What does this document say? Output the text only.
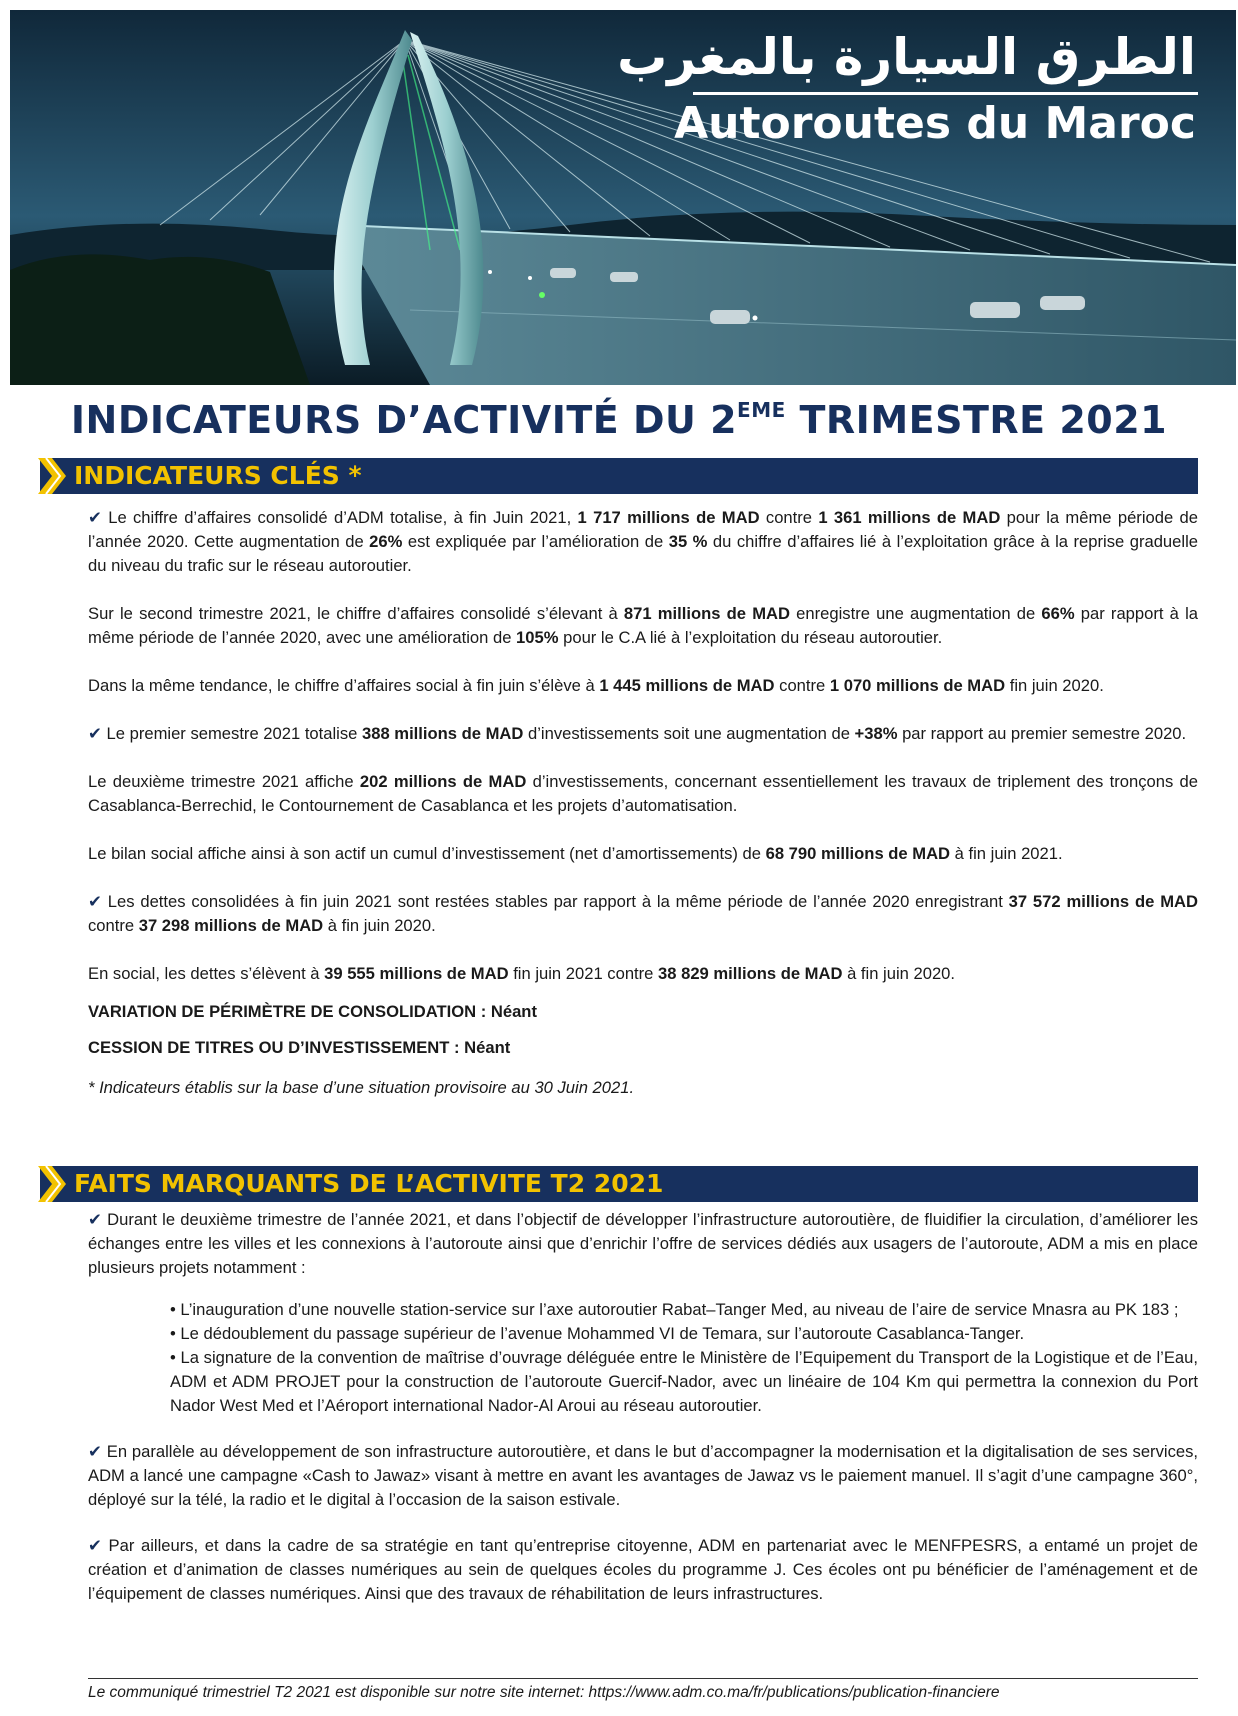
الطرق السيارة بالمغرب
Autoroutes du Maroc
INDICATEURS D’ACTIVITÉ DU 2EME TRIMESTRE 2021
INDICATEURS CLÉS *

✔ Le chiffre d’affaires consolidé d’ADM totalise, à fin Juin 2021, 1 717 millions de MAD contre 1 361 millions de MAD pour la même période de l’année 2020. Cette augmentation de 26% est expliquée par l’amélioration de 35 % du chiffre d’affaires lié à l’exploitation grâce à la reprise graduelle du niveau du trafic sur le réseau autoroutier.

Sur le second trimestre 2021, le chiffre d’affaires consolidé s’élevant à 871 millions de MAD enregistre une augmentation de 66% par rapport à la même période de l’année 2020, avec une amélioration de 105% pour le C.A lié à l’exploitation du réseau autoroutier.

Dans la même tendance, le chiffre d’affaires social à fin juin s’élève à 1 445 millions de MAD contre 1 070 millions de MAD fin juin 2020.

✔ Le premier semestre 2021 totalise 388 millions de MAD d’investissements soit une augmentation de +38% par rapport au premier semestre 2020.

Le deuxième trimestre 2021 affiche 202 millions de MAD d’investissements, concernant essentiellement les travaux de triplement des tronçons de Casablanca-Berrechid, le Contournement de Casablanca et les projets d’automatisation.

Le bilan social affiche ainsi à son actif un cumul d’investissement (net d’amortissements) de 68 790 millions de MAD à fin juin 2021.

✔ Les dettes consolidées à fin juin 2021 sont restées stables par rapport à la même période de l’année 2020 enregistrant 37 572 millions de MAD contre 37 298 millions de MAD à fin juin 2020.

En social, les dettes s’élèvent à 39 555 millions de MAD fin juin 2021 contre 38 829 millions de MAD à fin juin 2020.

VARIATION DE PÉRIMÈTRE DE CONSOLIDATION : Néant

CESSION DE TITRES OU D’INVESTISSEMENT : Néant

* Indicateurs établis sur la base d’une situation provisoire au 30 Juin 2021.

FAITS MARQUANTS DE L’ACTIVITE T2 2021

✔ Durant le deuxième trimestre de l’année 2021, et dans l’objectif de développer l’infrastructure autoroutière, de fluidifier la circulation, d’améliorer les échanges entre les villes et les connexions à l’autoroute ainsi que d’enrichir l’offre de services dédiés aux usagers de l’autoroute, ADM a mis en place plusieurs projets notamment :

• L’inauguration d’une nouvelle station-service sur l’axe autoroutier Rabat–Tanger Med, au niveau de l’aire de service Mnasra au PK 183 ;

• Le dédoublement du passage supérieur de l’avenue Mohammed VI de Temara, sur l’autoroute Casablanca-Tanger.

• La signature de la convention de maîtrise d’ouvrage déléguée entre le Ministère de l’Equipement du Transport de la Logistique et de l’Eau, ADM et ADM PROJET pour la construction de l’autoroute Guercif-Nador, avec un linéaire de 104 Km qui permettra la connexion du Port Nador West Med et l’Aéroport international Nador-Al Aroui au réseau autoroutier.

✔ En parallèle au développement de son infrastructure autoroutière, et dans le but d’accompagner la modernisation et la digitalisation de ses services, ADM a lancé une campagne «Cash to Jawaz» visant à mettre en avant les avantages de Jawaz vs le paiement manuel. Il s’agit d’une campagne 360°, déployé sur la télé, la radio et le digital à l’occasion de la saison estivale.

✔ Par ailleurs, et dans la cadre de sa stratégie en tant qu’entreprise citoyenne, ADM en partenariat avec le MENFPESRS, a entamé un projet de création et d’animation de classes numériques au sein de quelques écoles du programme J. Ces écoles ont pu bénéficier de l’aménagement et de l’équipement de classes numériques. Ainsi que des travaux de réhabilitation de leurs infrastructures.

Le communiqué trimestriel T2 2021 est disponible sur notre site internet: https://www.adm.co.ma/fr/publications/publication-financiere
